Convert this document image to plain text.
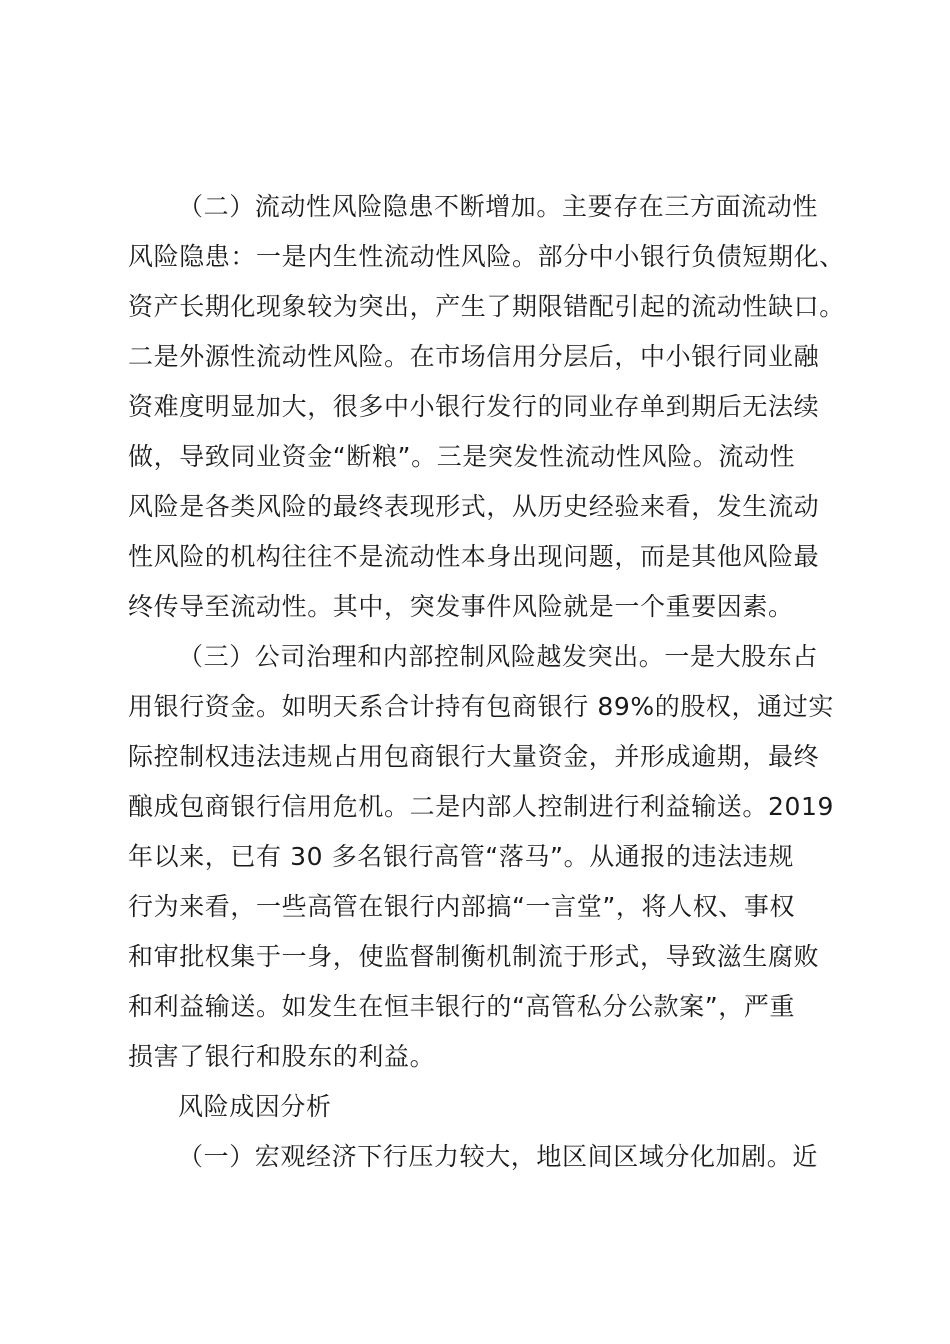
（二）流动性风险隐患不断增加。主要存在三方面流动性
风险隐患：一是内生性流动性风险。部分中小银行负债短期化、
资产长期化现象较为突出，产生了期限错配引起的流动性缺口。
二是外源性流动性风险。在市场信用分层后，中小银行同业融
资难度明显加大，很多中小银行发行的同业存单到期后无法续
做，导致同业资金“断粮”。三是突发性流动性风险。流动性
风险是各类风险的最终表现形式，从历史经验来看，发生流动
性风险的机构往往不是流动性本身出现问题，而是其他风险最
终传导至流动性。其中，突发事件风险就是一个重要因素。
（三）公司治理和内部控制风险越发突出。一是大股东占
用银行资金。如明天系合计持有包商银行 89%的股权，通过实
际控制权违法违规占用包商银行大量资金，并形成逾期，最终
酿成包商银行信用危机。二是内部人控制进行利益输送。2019
年以来，已有 30 多名银行高管“落马”。从通报的违法违规
行为来看，一些高管在银行内部搞“一言堂”，将人权、事权
和审批权集于一身，使监督制衡机制流于形式，导致滋生腐败
和利益输送。如发生在恒丰银行的“高管私分公款案”，严重
损害了银行和股东的利益。
风险成因分析
（一）宏观经济下行压力较大，地区间区域分化加剧。近
